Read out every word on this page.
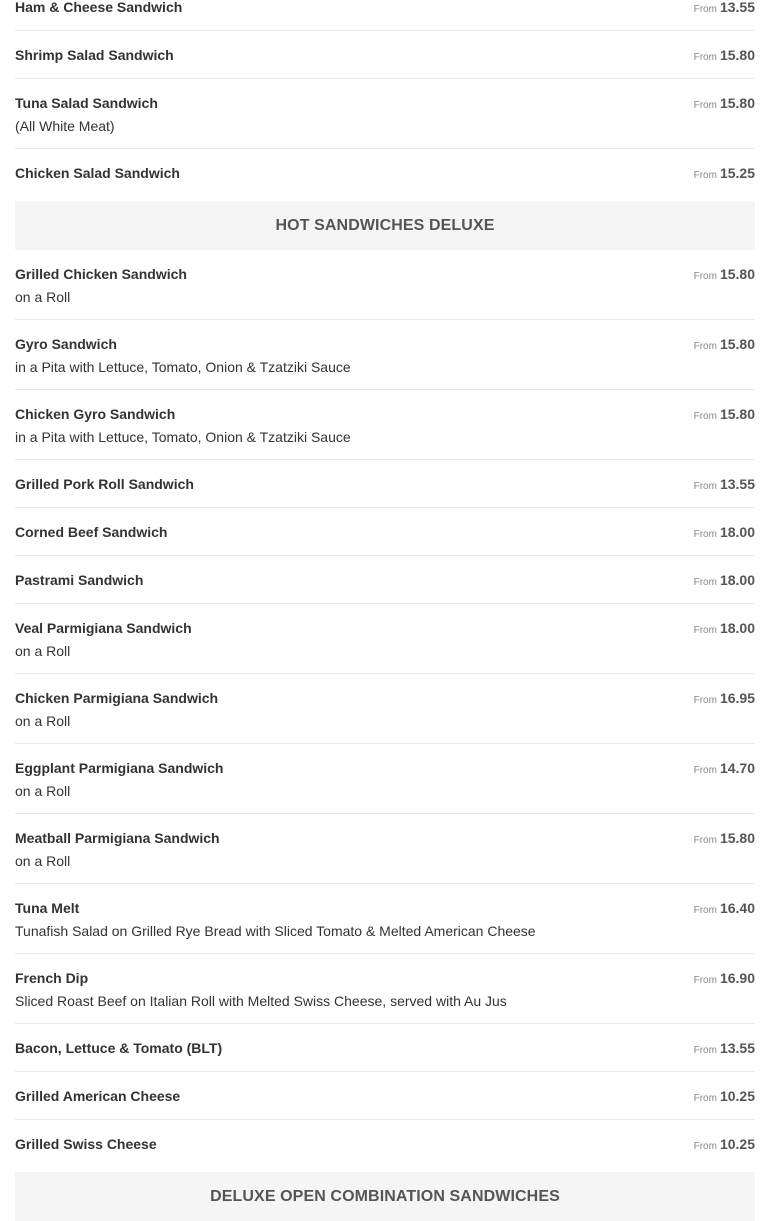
Ham & Cheese Sandwich	From 13.55
Shrimp Salad Sandwich	From 15.80
Tuna Salad Sandwich
(All White Meat)
From 15.80
Chicken Salad Sandwich	From 15.25
HOT SANDWICHES DELUXE
Grilled Chicken Sandwich
on a Roll
From 15.80
Gyro Sandwich
in a Pita with Lettuce, Tomato, Onion & Tzatziki Sauce
From 15.80
Chicken Gyro Sandwich
in a Pita with Lettuce, Tomato, Onion & Tzatziki Sauce
From 15.80
Grilled Pork Roll Sandwich	From 13.55
Corned Beef Sandwich	From 18.00
Pastrami Sandwich	From 18.00
Veal Parmigiana Sandwich
on a Roll
From 18.00
Chicken Parmigiana Sandwich
on a Roll
From 16.95
Eggplant Parmigiana Sandwich
on a Roll
From 14.70
Meatball Parmigiana Sandwich
on a Roll
From 15.80
Tuna Melt
Tunafish Salad on Grilled Rye Bread with Sliced Tomato & Melted American Cheese
From 16.40
French Dip
Sliced Roast Beef on Italian Roll with Melted Swiss Cheese, served with Au Jus
From 16.90
Bacon, Lettuce & Tomato (BLT)	From 13.55
Grilled American Cheese	From 10.25
Grilled Swiss Cheese	From 10.25
DELUXE OPEN COMBINATION SANDWICHES
